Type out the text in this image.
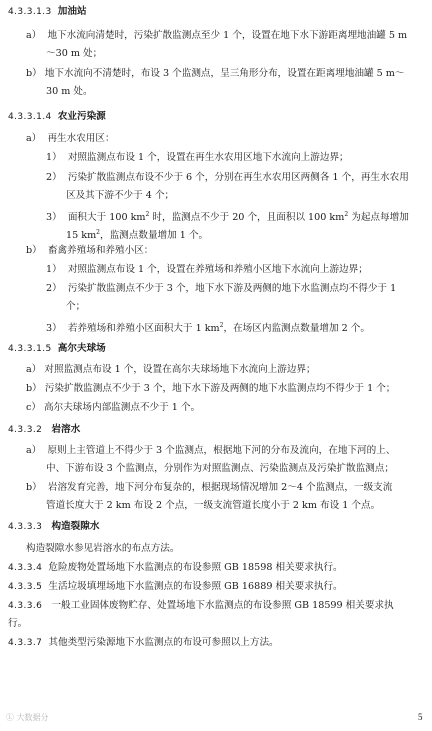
4.3.3.1.3 加油站
a） 地下水流向清楚时，污染扩散监测点至少 1 个，设置在地下水下游距离埋地油罐 5 m
～30 m 处；
b） 地下水流向不清楚时，布设 3 个监测点，呈三角形分布，设置在距离埋地油罐 5 m～
30 m 处。
4.3.3.1.4 农业污染源
a） 再生水农用区：
1） 对照监测点布设 1 个，设置在再生水农用区地下水流向上游边界；
2） 污染扩散监测点布设不少于 6 个，分别在再生水农用区两侧各 1 个，再生水农用
区及其下游不少于 4 个；
3） 面积大于 100 $km^2$ 时，监测点不少于 20 个，且面积以 100 $km^2$ 为起点每增加
15 $km^2$，监测点数量增加 1 个。
b） 畜禽养殖场和养殖小区：
1） 对照监测点布设 1 个，设置在养殖场和养殖小区地下水流向上游边界；
2） 污染扩散监测点不少于 3 个，地下水下游及两侧的地下水监测点均不得少于 1
个；
3） 若养殖场和养殖小区面积大于 1 $km^2$，在场区内监测点数量增加 2 个。
4.3.3.1.5 高尔夫球场
a） 对照监测点布设 1 个，设置在高尔夫球场地下水流向上游边界；
b） 污染扩散监测点不少于 3 个，地下水下游及两侧的地下水监测点均不得少于 1 个；
c） 高尔夫球场内部监测点不少于 1 个。
4.3.3.2 岩溶水
a） 原则上主管道上不得少于 3 个监测点，根据地下河的分布及流向，在地下河的上、
中、下游布设 3 个监测点，分别作为对照监测点、污染监测点及污染扩散监测点；
b） 岩溶发育完善，地下河分布复杂的，根据现场情况增加 2～4 个监测点，一级支流
管道长度大于 2 km 布设 2 个点，一级支流管道长度小于 2 km 布设 1 个点。
4.3.3.3 构造裂隙水
构造裂隙水参见岩溶水的布点方法。
4.3.3.4 危险废物处置场地下水监测点的布设参照 GB 18598 相关要求执行。
4.3.3.5 生活垃圾填埋场地下水监测点的布设参照 GB 16889 相关要求执行。
4.3.3.6 一般工业固体废物贮存、处置场地下水监测点的布设参照 GB 18599 相关要求执
行。
4.3.3.7 其他类型污染源地下水监测点的布设可参照以上方法。
Ⓛ 大数据分	5
